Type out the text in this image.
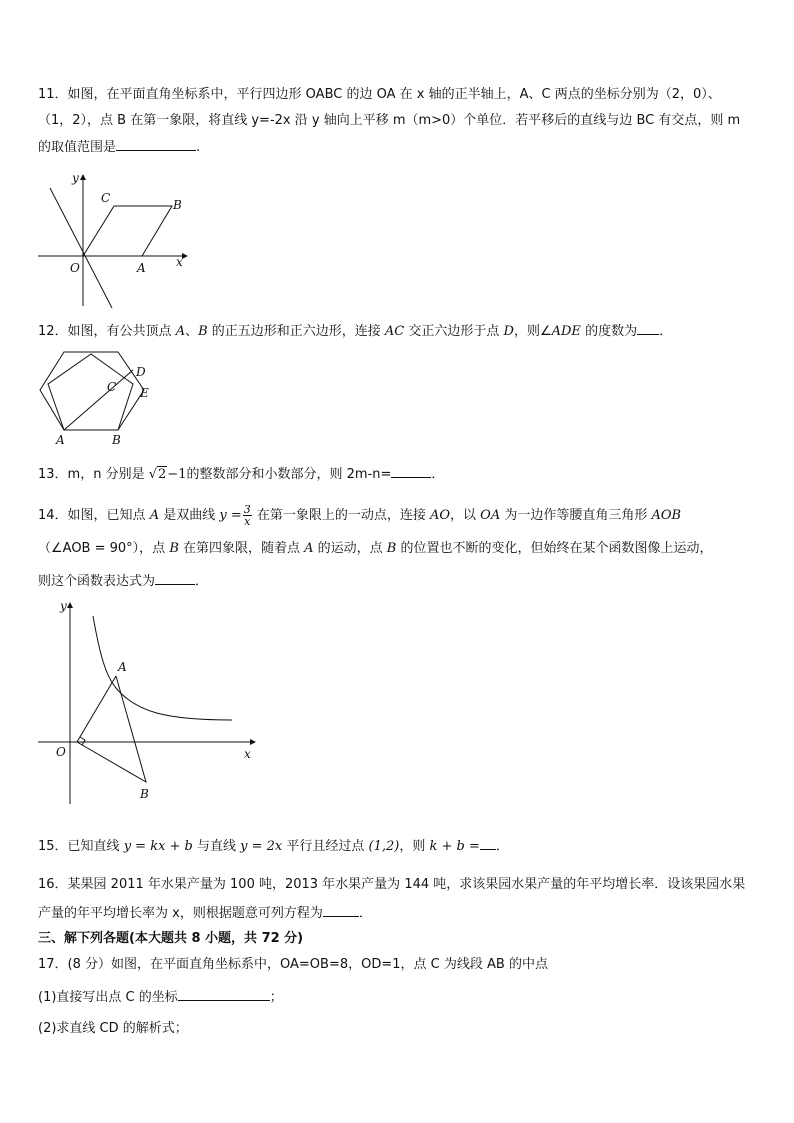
11．如图，在平面直角坐标系中，平行四边形 OABC 的边 OA 在 x 轴的正半轴上，A、C 两点的坐标分别为（2，0）、
（1，2），点 B 在第一象限，将直线 y=-2x 沿 y 轴向上平移 m（m>0）个单位．若平移后的直线与边 BC 有交点，则 m
的取值范围是	.
y
x
O	A
B
C
12．如图，有公共顶点 A、B 的正五边形和正六边形，连接 AC 交正六边形于点 D，则∠ADE 的度数为 ．
A	B
C
D
E
13．m，n 分别是 √2−1的整数部分和小数部分，则 2m-n=	．
14．如图，已知点 A 是双曲线 $y = \frac{3}{x}$ 在第一象限上的一动点，连接 AO，以 OA 为一边作等腰直角三角形 AOB
（∠AOB = 90°），点 B 在第四象限，随着点 A 的运动，点 B 的位置也不断的变化，但始终在某个函数图像上运动，
则这个函数表达式为	．
y
x
O
A
B
15．已知直线 y = kx + b 与直线 y = 2x 平行且经过点 (1,2)，则 k + b = ．
16．某果园 2011 年水果产量为 100 吨，2013 年水果产量为 144 吨，求该果园水果产量的年平均增长率．设该果园水果
产量的年平均增长率为 x，则根据题意可列方程为	．
三、解下列各题(本大题共 8 小题，共 72 分)
17．(8 分）如图，在平面直角坐标系中，OA=OB=8，OD=1，点 C 为线段 AB 的中点
(1)直接写出点 C 的坐标	；
(2)求直线 CD 的解析式；
